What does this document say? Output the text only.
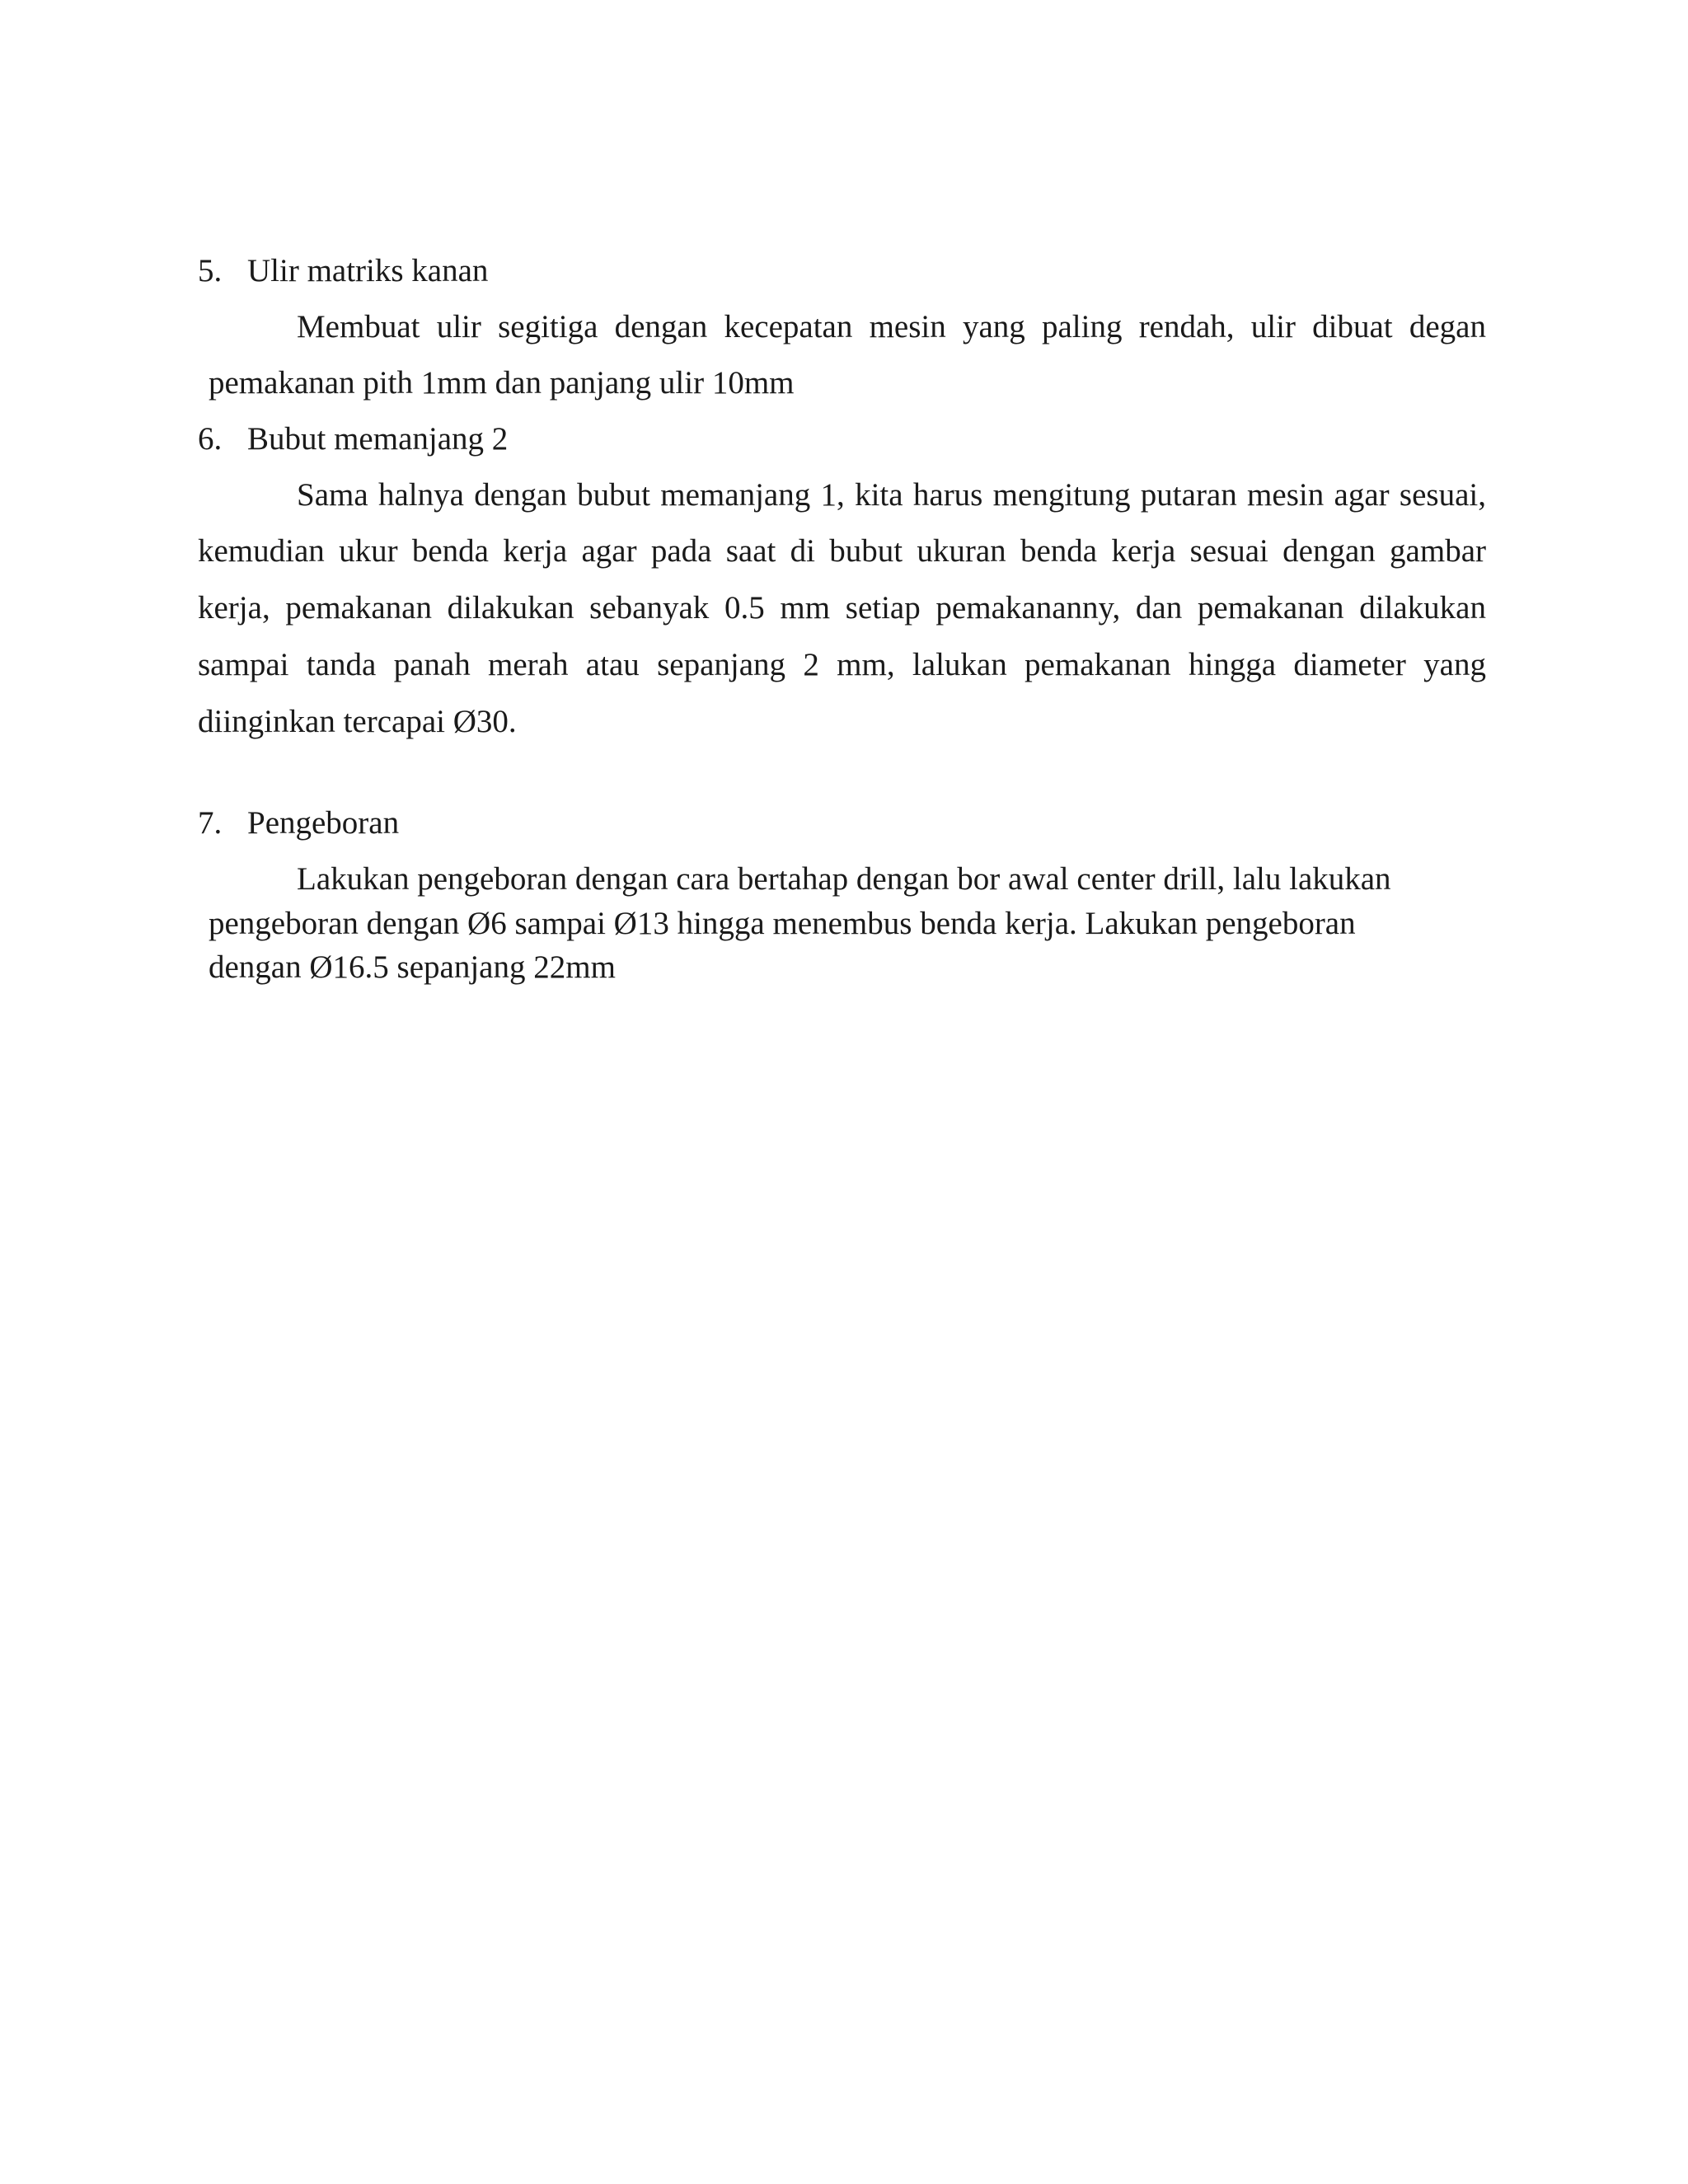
5. Ulir matriks kanan
Membuat ulir segitiga dengan kecepatan mesin yang paling rendah, ulir dibuat degan
pemakanan pith 1mm dan panjang ulir 10mm
6. Bubut memanjang 2
Sama halnya dengan bubut memanjang 1, kita harus mengitung putaran mesin agar sesuai,
kemudian ukur benda kerja agar pada saat di bubut ukuran benda kerja sesuai dengan gambar
kerja, pemakanan dilakukan sebanyak 0.5 mm setiap pemakananny, dan pemakanan dilakukan
sampai tanda panah merah atau sepanjang 2 mm, lalukan pemakanan hingga diameter yang
diinginkan tercapai Ø30.
7. Pengeboran
Lakukan pengeboran dengan cara bertahap dengan bor awal center drill, lalu lakukan
pengeboran dengan Ø6 sampai Ø13 hingga menembus benda kerja. Lakukan pengeboran
dengan Ø16.5 sepanjang 22mm
